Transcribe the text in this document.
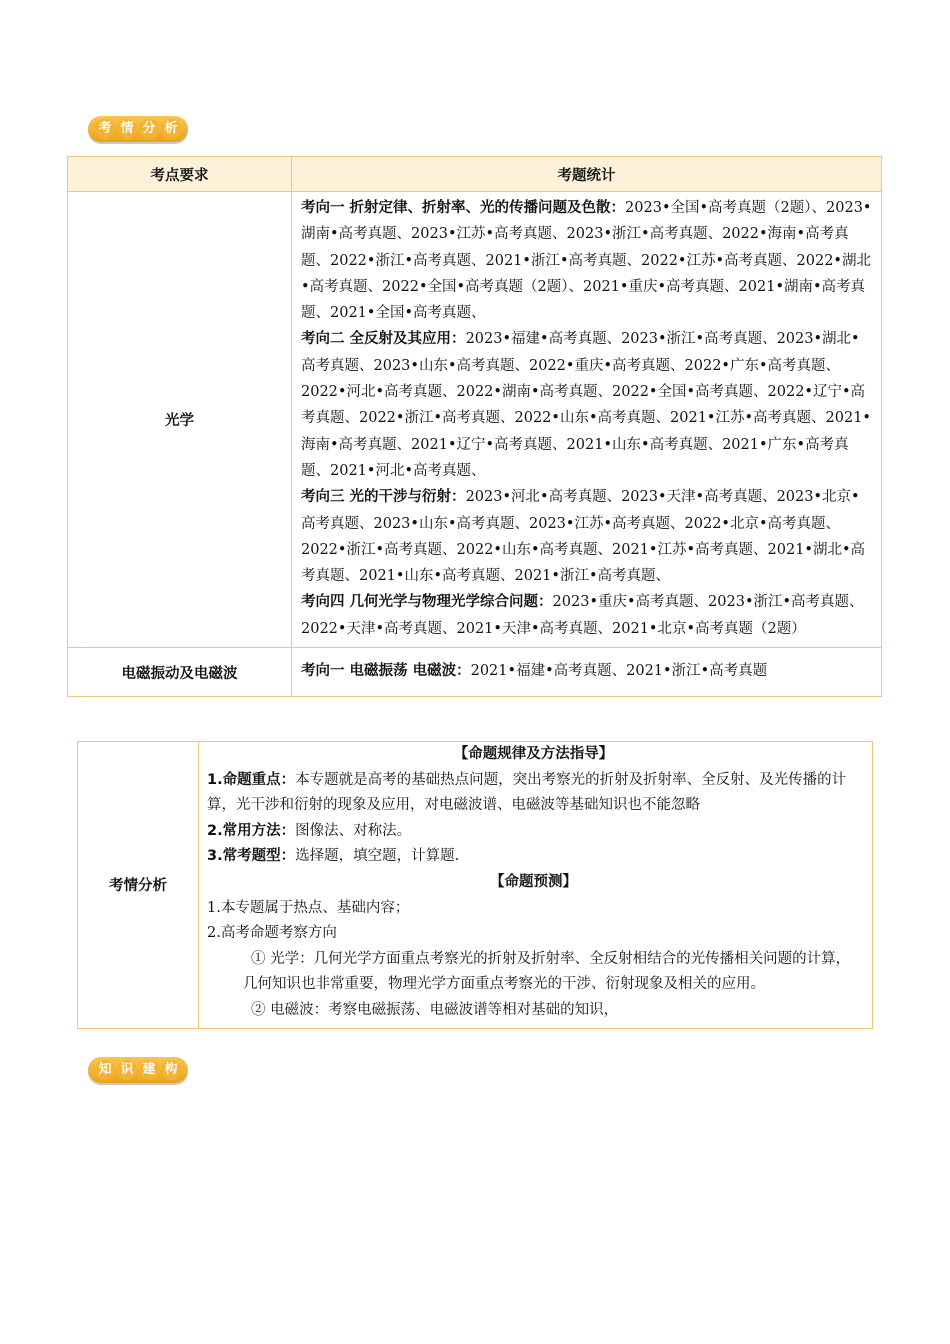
考 情 分 析
考点要求	考题统计
光学	考向一 折射定律、折射率、光的传播问题及色散：2023•全国•高考真题（2题）、2023•湖南•高考真题、2023•江苏•高考真题、2023•浙江•高考真题、2022•海南•高考真题、2022•浙江•高考真题、2021•浙江•高考真题、2022•江苏•高考真题、2022•湖北•高考真题、2022•全国•高考真题（2题）、2021•重庆•高考真题、2021•湖南•高考真题、2021•全国•高考真题、
考向二 全反射及其应用：2023•福建•高考真题、2023•浙江•高考真题、2023•湖北•高考真题、2023•山东•高考真题、2022•重庆•高考真题、2022•广东•高考真题、2022•河北•高考真题、2022•湖南•高考真题、2022•全国•高考真题、2022•辽宁•高考真题、2022•浙江•高考真题、2022•山东•高考真题、2021•江苏•高考真题、2021•海南•高考真题、2021•辽宁•高考真题、2021•山东•高考真题、2021•广东•高考真题、2021•河北•高考真题、
考向三 光的干涉与衍射：2023•河北•高考真题、2023•天津•高考真题、2023•北京•高考真题、2023•山东•高考真题、2023•江苏•高考真题、2022•北京•高考真题、2022•浙江•高考真题、2022•山东•高考真题、2021•江苏•高考真题、2021•湖北•高考真题、2021•山东•高考真题、2021•浙江•高考真题、
考向四 几何光学与物理光学综合问题：2023•重庆•高考真题、2023•浙江•高考真题、2022•天津•高考真题、2021•天津•高考真题、2021•北京•高考真题（2题）

电磁振动及电磁波	考向一 电磁振荡 电磁波：2021•福建•高考真题、2021•浙江•高考真题
考情分析	
【命题规律及方法指导】
1.命题重点：本专题就是高考的基础热点问题，突出考察光的折射及折射率、全反射、及光传播的计算，光干涉和衍射的现象及应用，对电磁波谱、电磁波等基础知识也不能忽略
2.常用方法：图像法、对称法。
3.常考题型：选择题，填空题，计算题.
【命题预测】
1.本专题属于热点、基础内容；
2.高考命题考察方向
① 光学：几何光学方面重点考察光的折射及折射率、全反射相结合的光传播相关问题的计算，几何知识也非常重要，物理光学方面重点考察光的干涉、衍射现象及相关的应用。
② 电磁波：考察电磁振荡、电磁波谱等相对基础的知识，
知 识 建 构
